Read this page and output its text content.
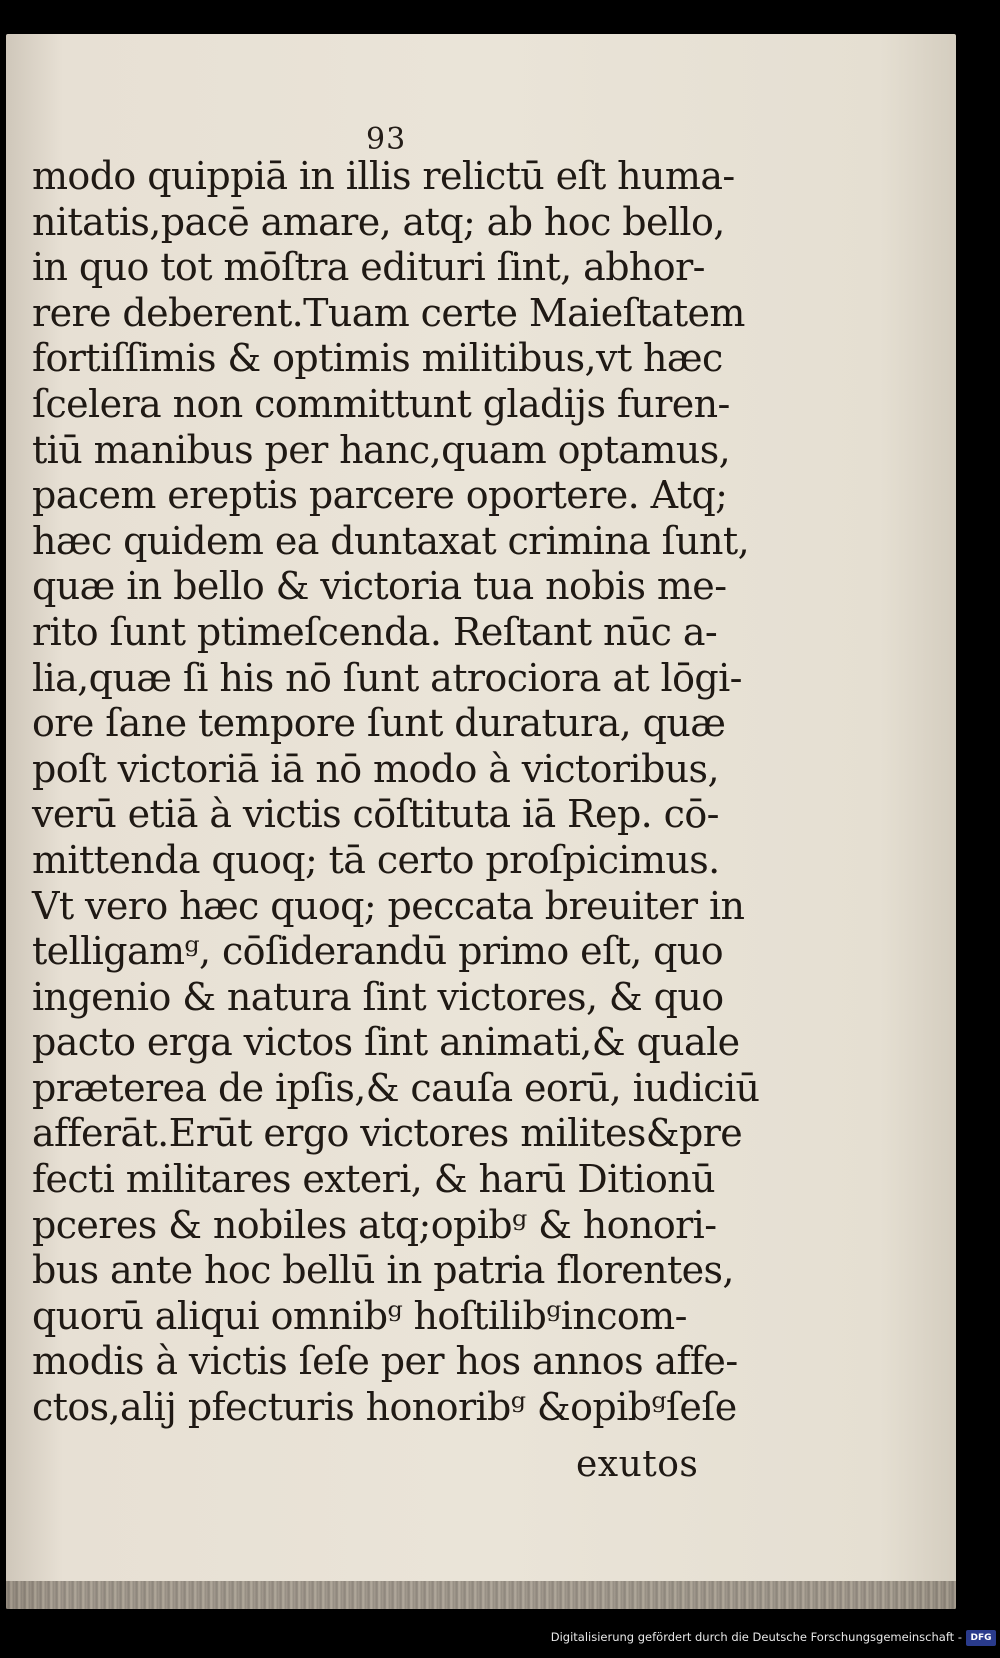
93
modo quippiā in illis relictū eſt huma-
nitatis,pacē amare, atq; ab hoc bello,
in quo tot mōſtra edituri ſint, abhor-
rere deberent.Tuam certe Maieſtatem
fortiſſimis & optimis militibus,vt hæc
ſcelera non committunt gladijs furen-
tiū manibus per hanc,quam optamus,
pacem ereptis parcere oportere. Atq;
hæc quidem ea duntaxat crimina ſunt,
quæ in bello & victoria tua nobis me-
rito ſunt ptimeſcenda. Reſtant nūc a-
lia,quæ ſi his nō ſunt atrociora at lōgi-
ore ſane tempore ſunt duratura, quæ
poſt victoriā iā nō modo à victoribus,
verū etiā à victis cōſtituta iā Rep. cō-
mittenda quoq; tā certo proſpicimus.
Vt vero hæc quoq; peccata breuiter in
telligamᵍ, cōſiderandū primo eſt, quo
ingenio & natura ſint victores, & quo
pacto erga victos ſint animati,& quale
præterea de ipſis,& cauſa eorū, iudiciū
afferāt.Erūt ergo victores milites&pre
fecti militares exteri, & harū Ditionū
pceres & nobiles atq;opibᵍ & honori-
bus ante hoc bellū in patria florentes,
quorū aliqui omnibᵍ hoſtilibᵍincom-
modis à victis ſeſe per hos annos affe-
ctos,alij pfecturis honoribᵍ &opibᵍſeſe
exutos
Digitalisierung gefördert durch die Deutsche Forschungsgemeinschaft - DFG
